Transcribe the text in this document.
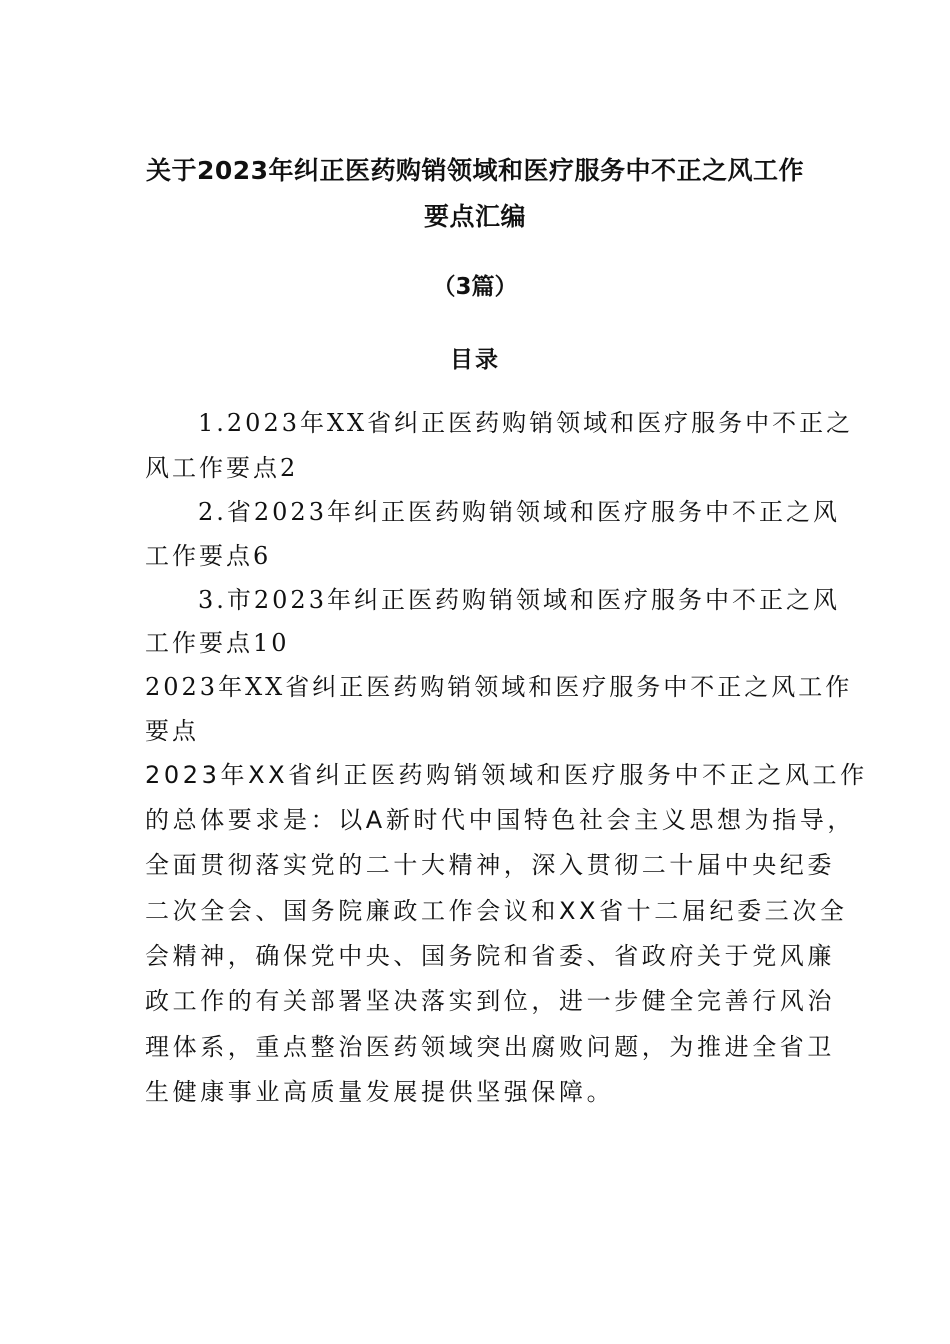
关于2023年纠正医药购销领域和医疗服务中不正之风工作
要点汇编
（3篇）
目录
1.2023年XX省纠正医药购销领域和医疗服务中不正之
风工作要点2
2.省2023年纠正医药购销领域和医疗服务中不正之风
工作要点6
3.市2023年纠正医药购销领域和医疗服务中不正之风
工作要点10
2023年XX省纠正医药购销领域和医疗服务中不正之风工作
要点
2023年XX省纠正医药购销领域和医疗服务中不正之风工作
的总体要求是：以A新时代中国特色社会主义思想为指导，
全面贯彻落实党的二十大精神，深入贯彻二十届中央纪委
二次全会、国务院廉政工作会议和XX省十二届纪委三次全
会精神，确保党中央、国务院和省委、省政府关于党风廉
政工作的有关部署坚决落实到位，进一步健全完善行风治
理体系，重点整治医药领域突出腐败问题，为推进全省卫
生健康事业高质量发展提供坚强保障。
